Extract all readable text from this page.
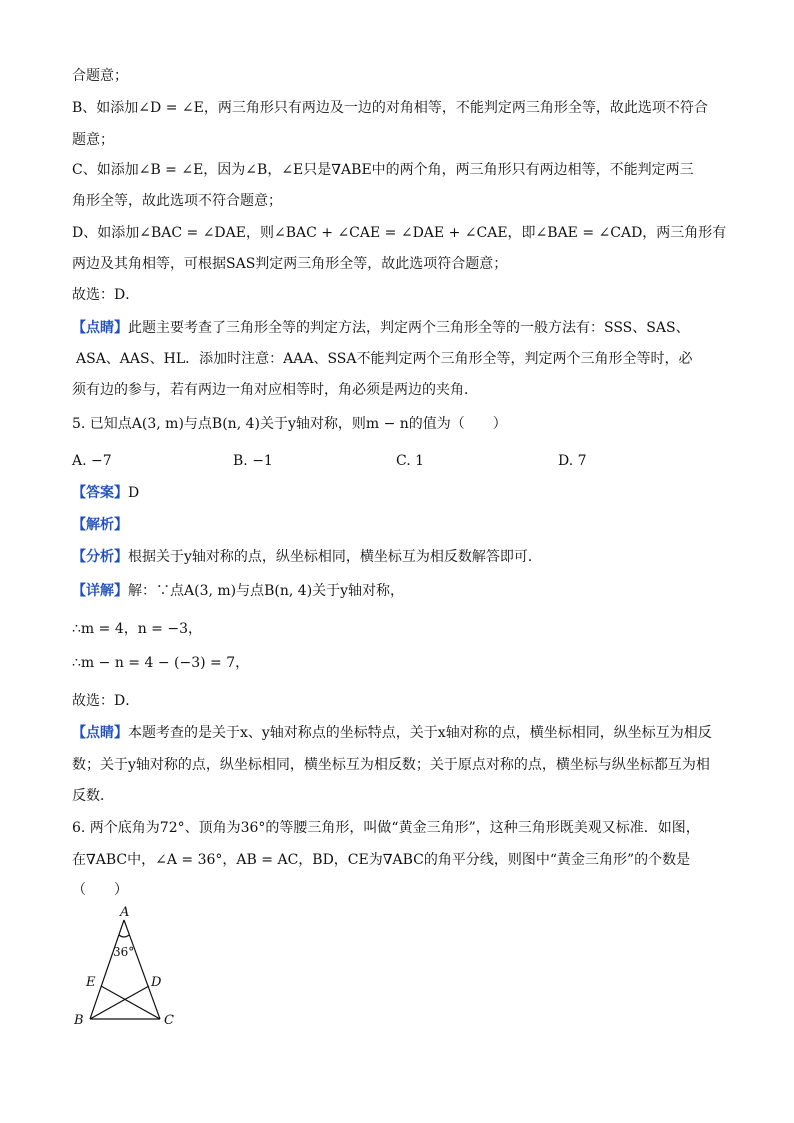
合题意；
B、如添加∠D = ∠E，两三角形只有两边及一边的对角相等，不能判定两三角形全等，故此选项不符合
题意；
C、如添加∠B = ∠E，因为∠B，∠E只是∇ABE中的两个角，两三角形只有两边相等，不能判定两三
角形全等，故此选项不符合题意；
D、如添加∠BAC = ∠DAE，则∠BAC + ∠CAE = ∠DAE + ∠CAE，即∠BAE = ∠CAD，两三角形有
两边及其角相等，可根据SAS判定两三角形全等，故此选项符合题意；
故选：D．
【点睛】此题主要考查了三角形全等的判定方法，判定两个三角形全等的一般方法有：SSS、SAS、
ASA、AAS、HL．添加时注意：AAA、SSA不能判定两个三角形全等，判定两个三角形全等时，必
须有边的参与，若有两边一角对应相等时，角必须是两边的夹角．
5. 已知点A(3, m)与点B(n, 4)关于y轴对称，则m − n的值为（　　）
A. −7	B. −1	C. 1	D. 7
【答案】D
【解析】
【分析】根据关于y轴对称的点，纵坐标相同，横坐标互为相反数解答即可．
【详解】解：∵点A(3, m)与点B(n, 4)关于y轴对称，
∴m = 4，n = −3，
∴m − n = 4 − (−3) = 7，
故选：D．
【点睛】本题考查的是关于x、y轴对称点的坐标特点，关于x轴对称的点，横坐标相同，纵坐标互为相反
数；关于y轴对称的点，纵坐标相同，横坐标互为相反数；关于原点对称的点，横坐标与纵坐标都互为相
反数．
6. 两个底角为72°、顶角为36°的等腰三角形，叫做“黄金三角形”，这种三角形既美观又标准．如图，
在∇ABC中，∠A = 36°，AB = AC，BD，CE为∇ABC的角平分线，则图中“黄金三角形”的个数是
（　　）
A
B	C
D
E
36°
